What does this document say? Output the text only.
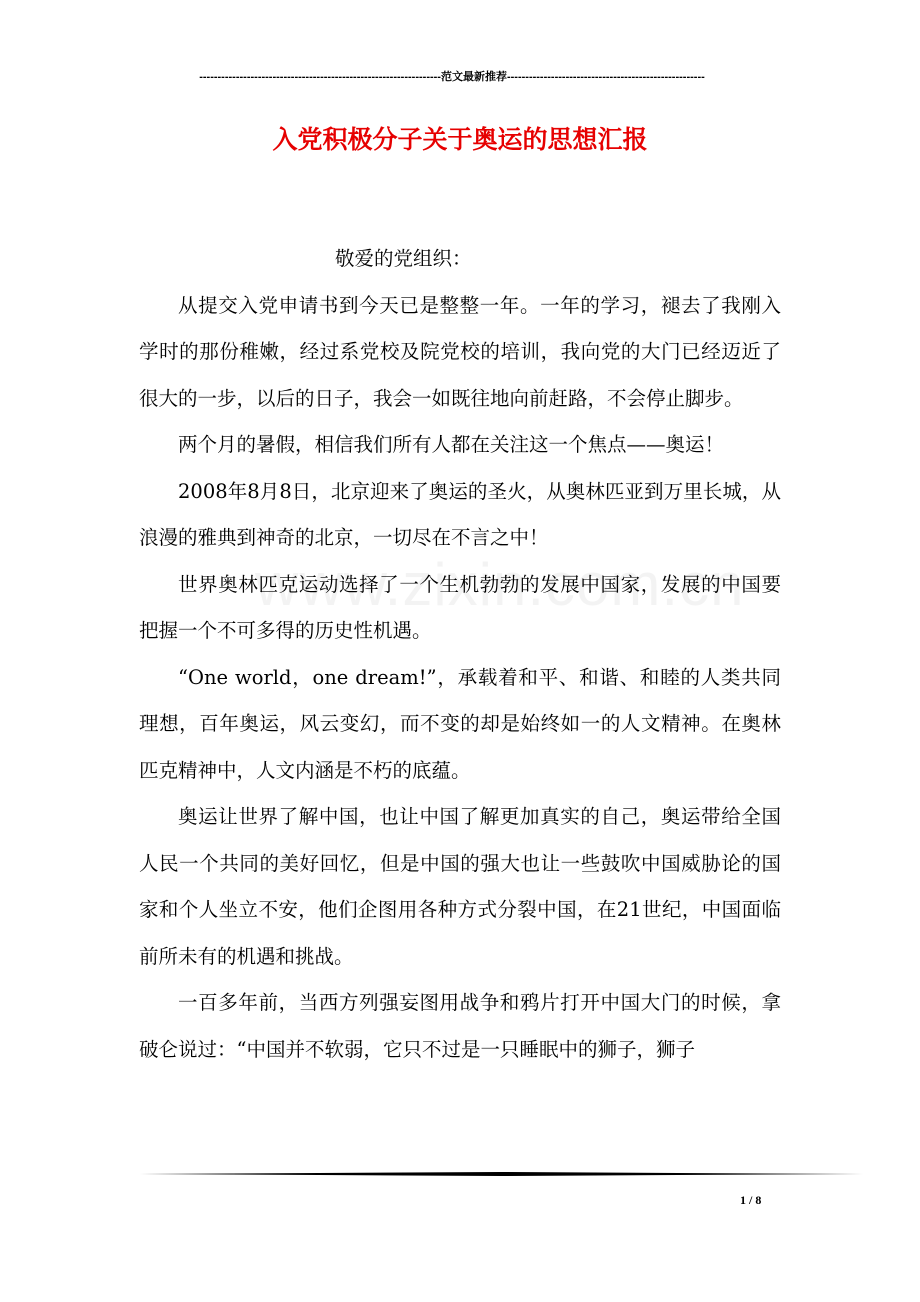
------------------------------------------------------------------范文最新推荐------------------------------------------------------
入党积极分子关于奥运的思想汇报

敬爱的党组织：

从提交入党申请书到今天已是整整一年。一年的学习，褪去了我刚入学时的那份稚嫩，经过系党校及院党校的培训，我向党的大门已经迈近了很大的一步，以后的日子，我会一如既往地向前赶路，不会停止脚步。

两个月的暑假，相信我们所有人都在关注这一个焦点——奥运！

2008年8月8日，北京迎来了奥运的圣火，从奥林匹亚到万里长城，从浪漫的雅典到神奇的北京，一切尽在不言之中！

世界奥林匹克运动选择了一个生机勃勃的发展中国家，发展的中国要把握一个不可多得的历史性机遇。

“One world，one dream!”，承载着和平、和谐、和睦的人类共同理想，百年奥运，风云变幻，而不变的却是始终如一的人文精神。在奥林匹克精神中，人文内涵是不朽的底蕴。

奥运让世界了解中国，也让中国了解更加真实的自己，奥运带给全国人民一个共同的美好回忆，但是中国的强大也让一些鼓吹中国威胁论的国家和个人坐立不安，他们企图用各种方式分裂中国，在21世纪，中国面临前所未有的机遇和挑战。

一百多年前，当西方列强妄图用战争和鸦片打开中国大门的时候，拿破仑说过：“中国并不软弱，它只不过是一只睡眠中的狮子，狮子

1 / 8
